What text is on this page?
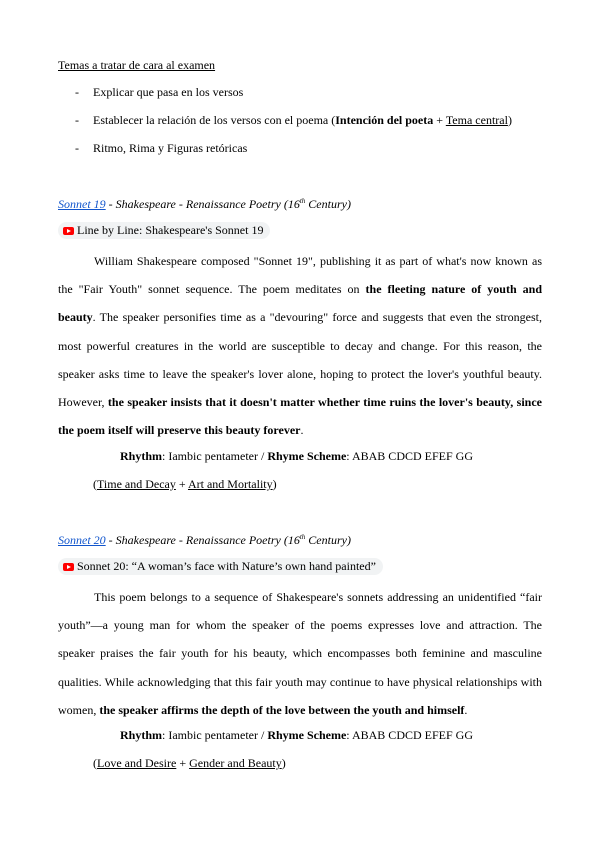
Temas a tratar de cara al examen
- Explicar que pasa en los versos
- Establecer la relación de los versos con el poema (Intención del poeta + Tema central)
- Ritmo, Rima y Figuras retóricas
Sonnet 19 - Shakespeare - Renaissance Poetry (16th Century)
Line by Line: Shakespeare's Sonnet 19
William Shakespeare composed "Sonnet 19", publishing it as part of what's now known as
the "Fair Youth" sonnet sequence. The poem meditates on the fleeting nature of youth and
beauty. The speaker personifies time as a "devouring" force and suggests that even the strongest,
most powerful creatures in the world are susceptible to decay and change. For this reason, the
speaker asks time to leave the speaker's lover alone, hoping to protect the lover's youthful beauty.
However, the speaker insists that it doesn't matter whether time ruins the lover's beauty, since
the poem itself will preserve this beauty forever.
Rhythm: Iambic pentameter / Rhyme Scheme: ABAB CDCD EFEF GG
(Time and Decay + Art and Mortality)
Sonnet 20 - Shakespeare - Renaissance Poetry (16th Century)
Sonnet 20: “A woman’s face with Nature’s own hand painted”
This poem belongs to a sequence of Shakespeare's sonnets addressing an unidentified “fair
youth”—a young man for whom the speaker of the poems expresses love and attraction. The
speaker praises the fair youth for his beauty, which encompasses both feminine and masculine
qualities. While acknowledging that this fair youth may continue to have physical relationships with
women, the speaker affirms the depth of the love between the youth and himself.
Rhythm: Iambic pentameter / Rhyme Scheme: ABAB CDCD EFEF GG
(Love and Desire + Gender and Beauty)
